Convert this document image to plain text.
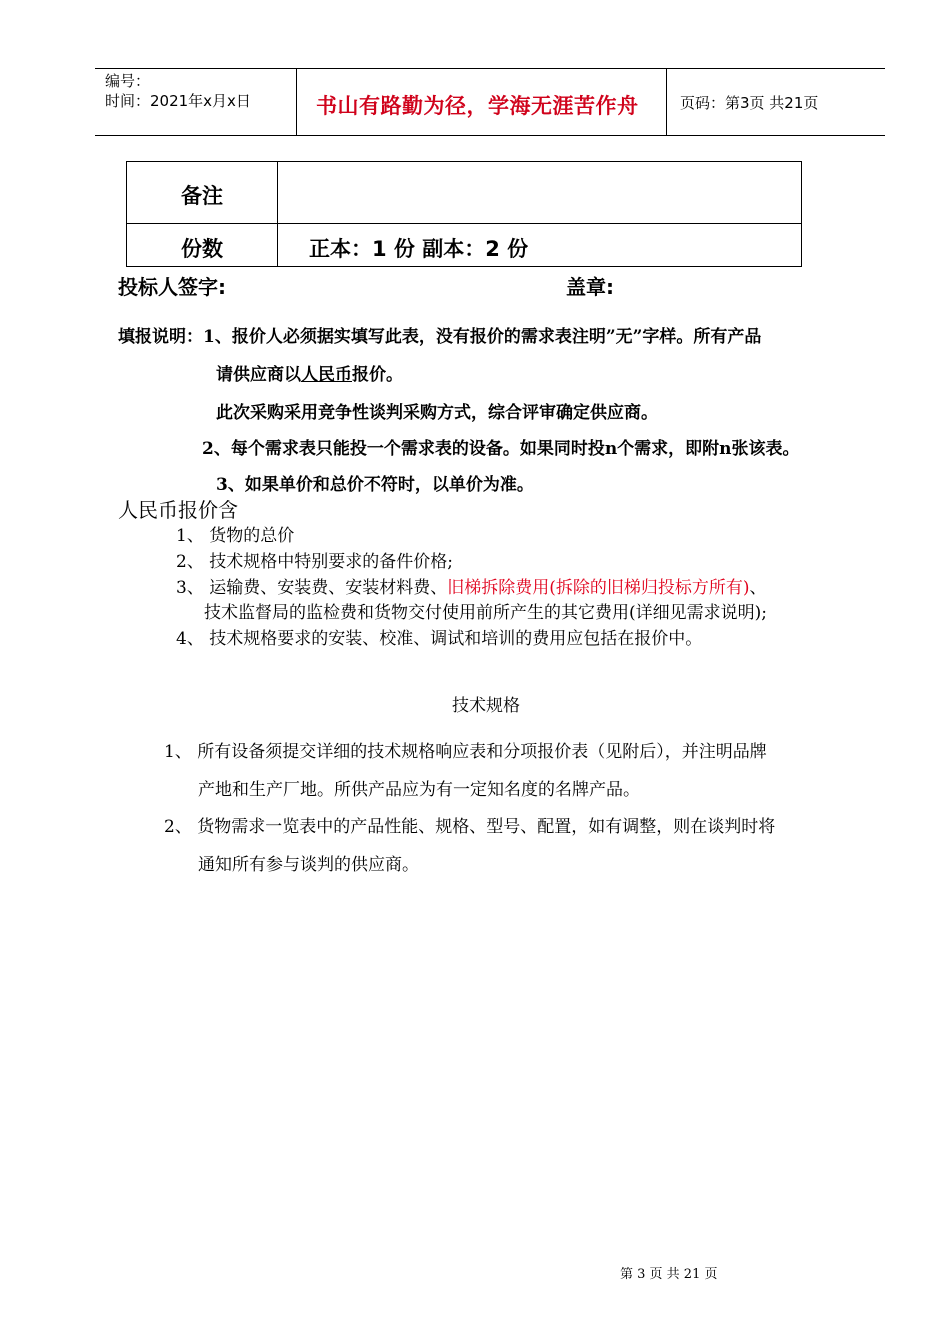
编号：
时间：2021年x月x日	书山有路勤为径，学海无涯苦作舟	页码：第3页 共21页
备注
份数	正本：1 份 副本：2 份
投标人签字:	盖章:
填报说明：1、报价人必须据实填写此表，没有报价的需求表注明”无”字样。所有产品
请供应商以人民币报价。
此次采购采用竞争性谈判采购方式，综合评审确定供应商。
2、每个需求表只能投一个需求表的设备。如果同时投n个需求，即附n张该表。
3、如果单价和总价不符时，以单价为准。
人民币报价含
1、 货物的总价
2、 技术规格中特别要求的备件价格;
3、 运输费、安装费、安装材料费、旧梯拆除费用(拆除的旧梯归投标方所有)、
技术监督局的监检费和货物交付使用前所产生的其它费用(详细见需求说明);
4、 技术规格要求的安装、校准、调试和培训的费用应包括在报价中。
技术规格
1、 所有设备须提交详细的技术规格响应表和分项报价表（见附后），并注明品牌
产地和生产厂地。所供产品应为有一定知名度的名牌产品。
2、 货物需求一览表中的产品性能、规格、型号、配置，如有调整，则在谈判时将
通知所有参与谈判的供应商。
第 3 页 共 21 页
